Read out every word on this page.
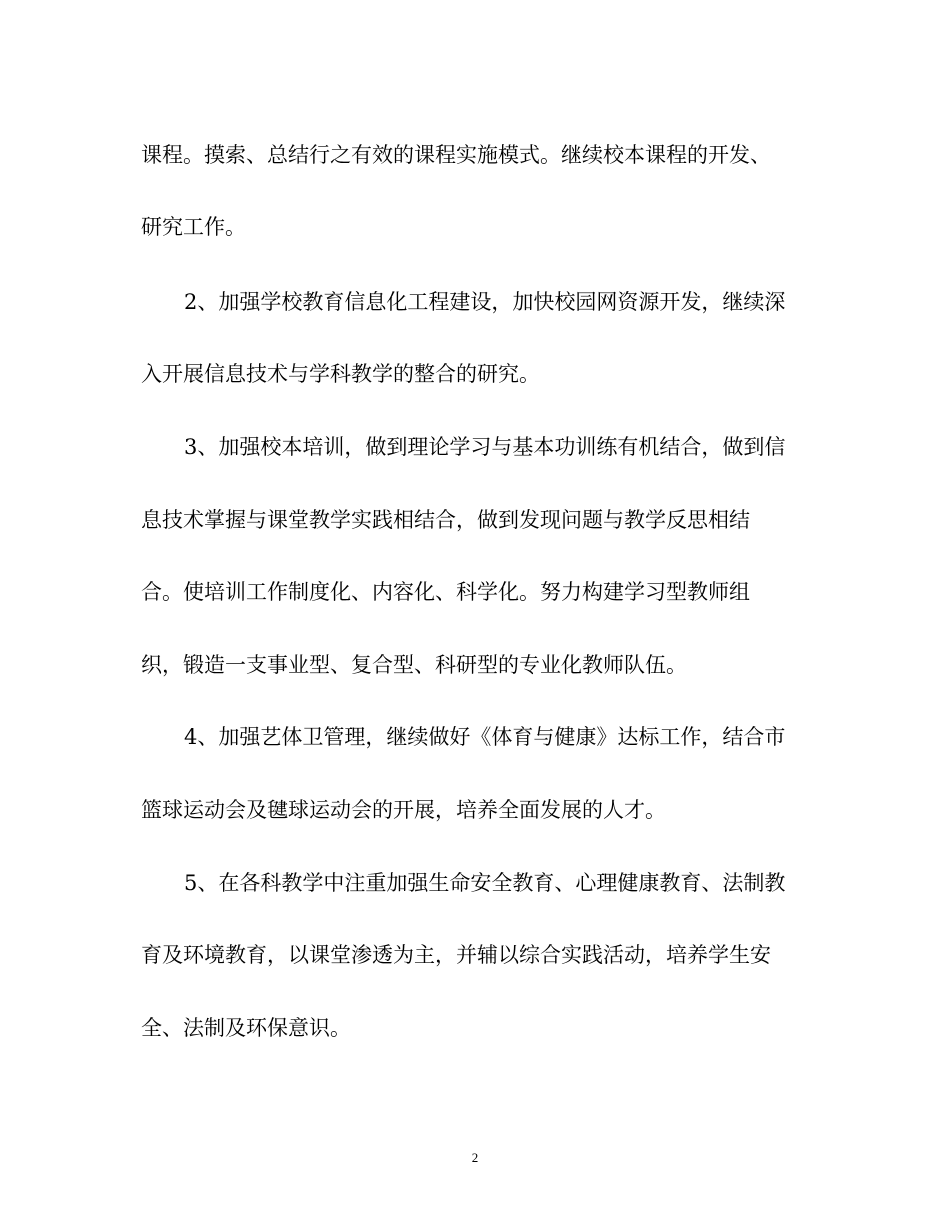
课程。摸索、总结行之有效的课程实施模式。继续校本课程的开发、
研究工作。
2、加强学校教育信息化工程建设，加快校园网资源开发，继续深
入开展信息技术与学科教学的整合的研究。
3、加强校本培训，做到理论学习与基本功训练有机结合，做到信
息技术掌握与课堂教学实践相结合，做到发现问题与教学反思相结
合。使培训工作制度化、内容化、科学化。努力构建学习型教师组
织，锻造一支事业型、复合型、科研型的专业化教师队伍。
4、加强艺体卫管理，继续做好《体育与健康》达标工作，结合市
篮球运动会及毽球运动会的开展，培养全面发展的人才。
5、在各科教学中注重加强生命安全教育、心理健康教育、法制教
育及环境教育，以课堂渗透为主，并辅以综合实践活动，培养学生安
全、法制及环保意识。
2
